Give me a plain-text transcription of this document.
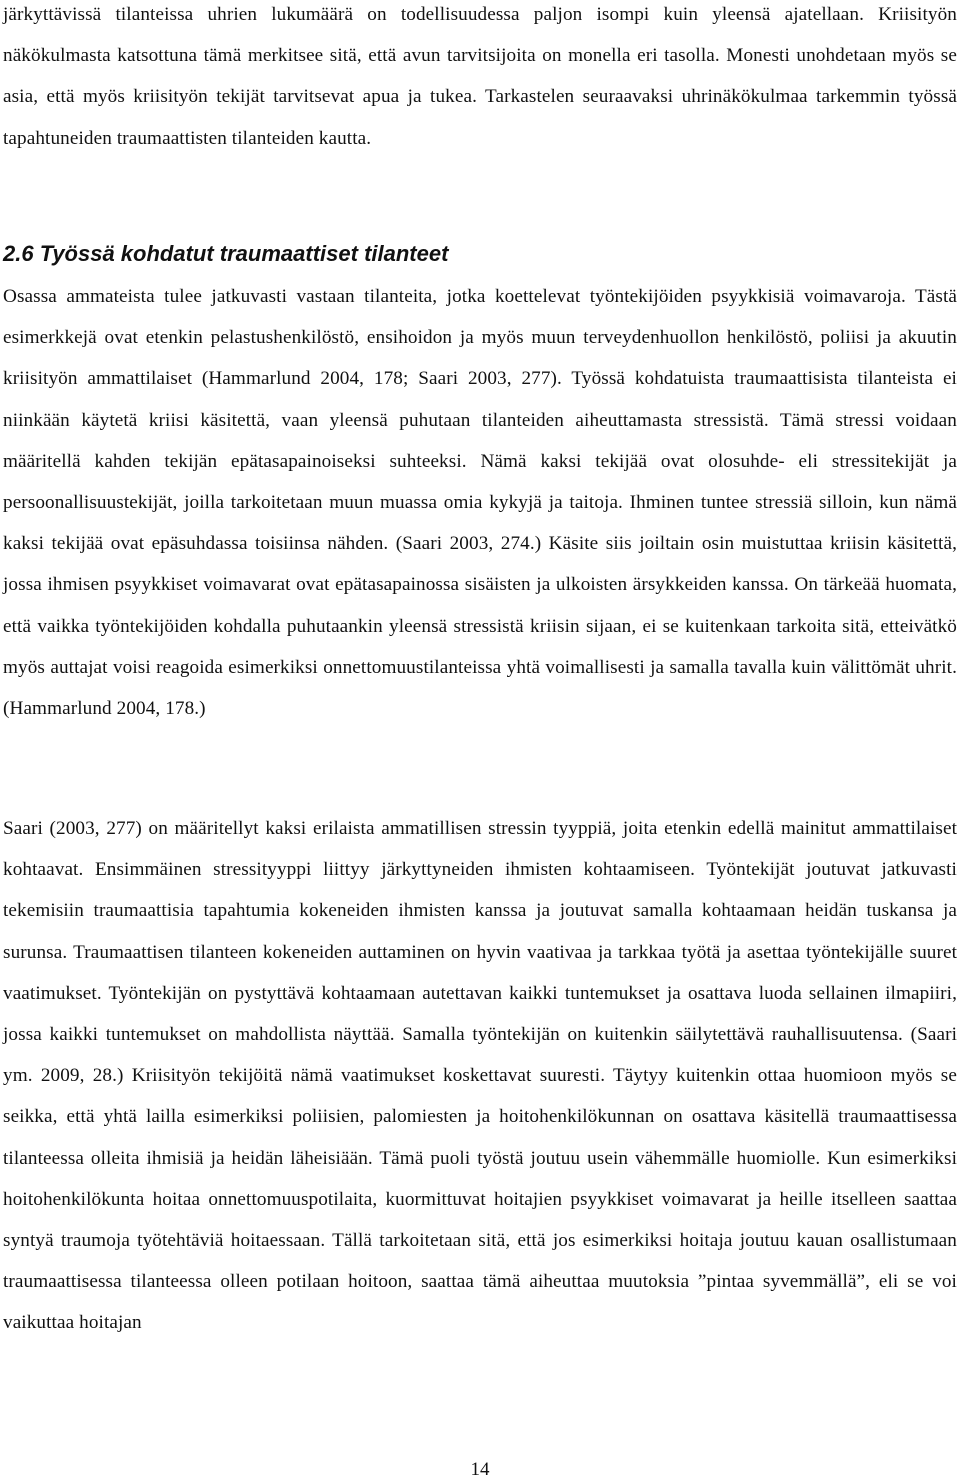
järkyttävissä tilanteissa uhrien lukumäärä on todellisuudessa paljon isompi kuin yleensä ajatellaan. Kriisityön näkökulmasta katsottuna tämä merkitsee sitä, että avun tarvitsijoita on monella eri tasolla. Monesti unohdetaan myös se asia, että myös kriisityön tekijät tarvitsevat apua ja tukea. Tarkastelen seuraavaksi uhrinäkökulmaa tarkemmin työssä tapahtuneiden traumaattisten tilanteiden kautta.

2.6 Työssä kohdatut traumaattiset tilanteet

Osassa ammateista tulee jatkuvasti vastaan tilanteita, jotka koettelevat työntekijöiden psyykkisiä voimavaroja. Tästä esimerkkejä ovat etenkin pelastushenkilöstö, ensihoidon ja myös muun terveydenhuollon henkilöstö, poliisi ja akuutin kriisityön ammattilaiset (Hammarlund 2004, 178; Saari 2003, 277). Työssä kohdatuista traumaattisista tilanteista ei niinkään käytetä kriisi käsitettä, vaan yleensä puhutaan tilanteiden aiheuttamasta stressistä. Tämä stressi voidaan määritellä kahden tekijän epätasapainoiseksi suhteeksi. Nämä kaksi tekijää ovat olosuhde- eli stressitekijät ja persoonallisuustekijät, joilla tarkoitetaan muun muassa omia kykyjä ja taitoja. Ihminen tuntee stressiä silloin, kun nämä kaksi tekijää ovat epäsuhdassa toisiinsa nähden. (Saari 2003, 274.) Käsite siis joiltain osin muistuttaa kriisin käsitettä, jossa ihmisen psyykkiset voimavarat ovat epätasapainossa sisäisten ja ulkoisten ärsykkeiden kanssa. On tärkeää huomata, että vaikka työntekijöiden kohdalla puhutaankin yleensä stressistä kriisin sijaan, ei se kuitenkaan tarkoita sitä, etteivätkö myös auttajat voisi reagoida esimerkiksi onnettomuustilanteissa yhtä voimallisesti ja samalla tavalla kuin välittömät uhrit. (Hammarlund 2004, 178.)

Saari (2003, 277) on määritellyt kaksi erilaista ammatillisen stressin tyyppiä, joita etenkin edellä mainitut ammattilaiset kohtaavat. Ensimmäinen stressityyppi liittyy järkyttyneiden ihmisten kohtaamiseen. Työntekijät joutuvat jatkuvasti tekemisiin traumaattisia tapahtumia kokeneiden ihmisten kanssa ja joutuvat samalla kohtaamaan heidän tuskansa ja surunsa. Traumaattisen tilanteen kokeneiden auttaminen on hyvin vaativaa ja tarkkaa työtä ja asettaa työntekijälle suuret vaatimukset. Työntekijän on pystyttävä kohtaamaan autettavan kaikki tuntemukset ja osattava luoda sellainen ilmapiiri, jossa kaikki tuntemukset on mahdollista näyttää. Samalla työntekijän on kuitenkin säilytettävä rauhallisuutensa. (Saari ym. 2009, 28.) Kriisityön tekijöitä nämä vaatimukset koskettavat suuresti. Täytyy kuitenkin ottaa huomioon myös se seikka, että yhtä lailla esimerkiksi poliisien, palomiesten ja hoitohenkilökunnan on osattava käsitellä traumaattisessa tilanteessa olleita ihmisiä ja heidän läheisiään. Tämä puoli työstä joutuu usein vähemmälle huomiolle. Kun esimerkiksi hoitohenkilökunta hoitaa onnettomuuspotilaita, kuormittuvat hoitajien psyykkiset voimavarat ja heille itselleen saattaa syntyä traumoja työtehtäviä hoitaessaan. Tällä tarkoitetaan sitä, että jos esimerkiksi hoitaja joutuu kauan osallistumaan traumaattisessa tilanteessa olleen potilaan hoitoon, saattaa tämä aiheuttaa muutoksia ”pintaa syvemmällä”, eli se voi vaikuttaa hoitajan

14
